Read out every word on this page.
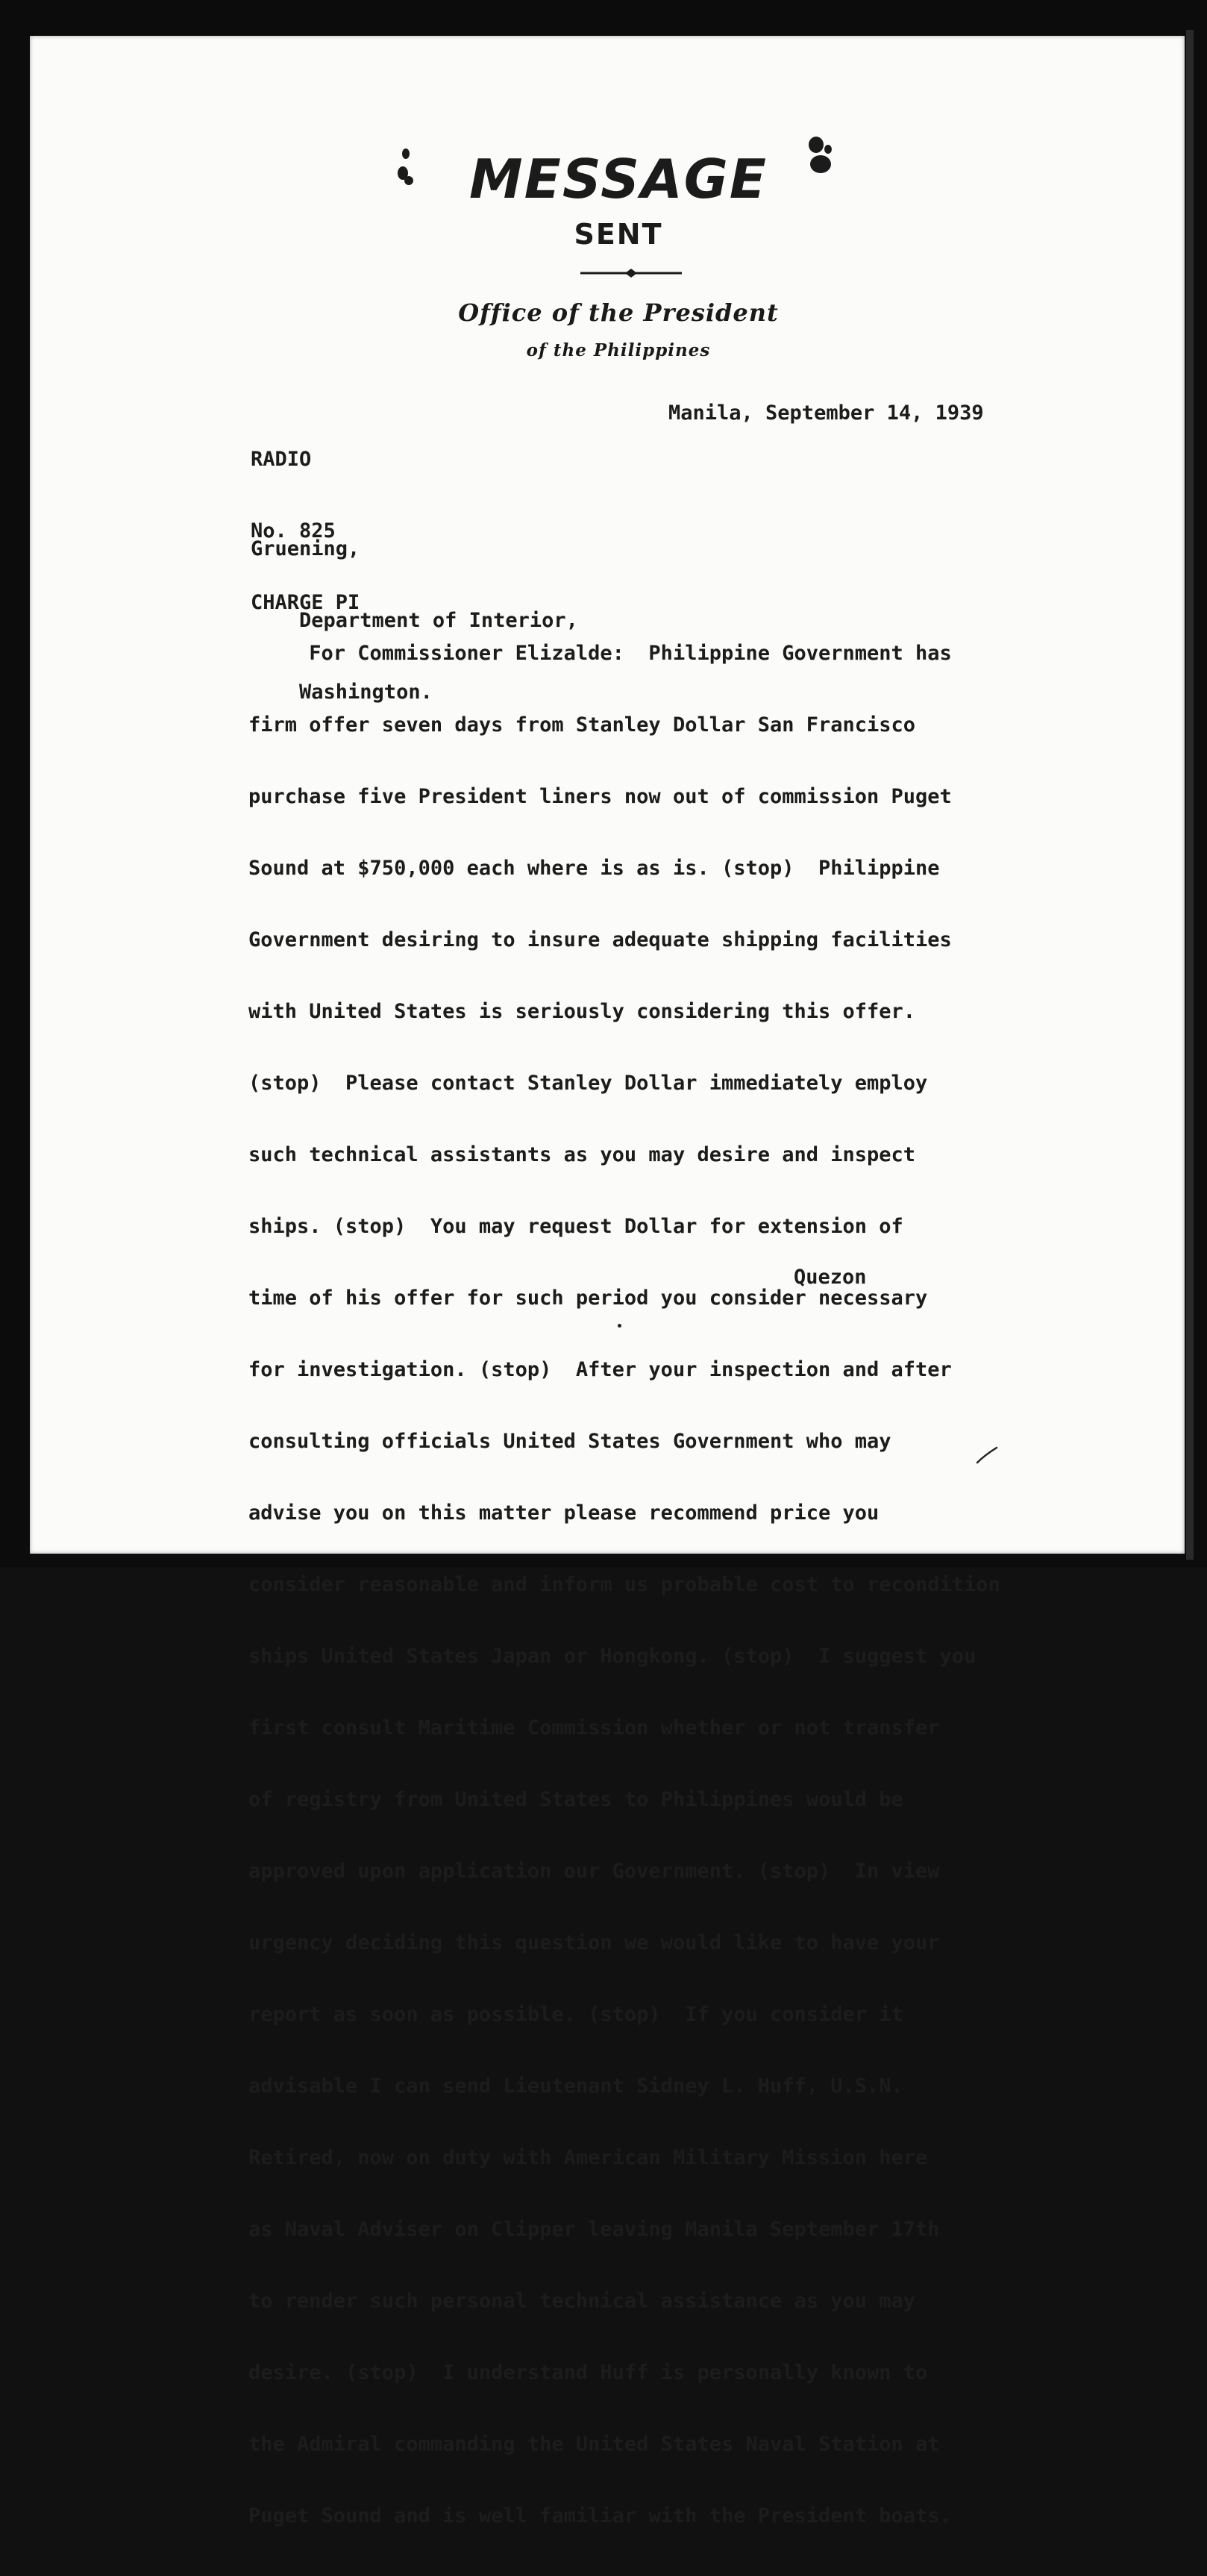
MESSAGE
SENT
Office of the President
of the Philippines

RADIO

No. 825

CHARGE PI

Manila, September 14, 1939

Gruening,

Department of Interior,

Washington.

For Commissioner Elizalde:  Philippine Government has

firm offer seven days from Stanley Dollar San Francisco

purchase five President liners now out of commission Puget

Sound at $750,000 each where is as is. (stop)  Philippine

Government desiring to insure adequate shipping facilities

with United States is seriously considering this offer.

(stop)  Please contact Stanley Dollar immediately employ

such technical assistants as you may desire and inspect

ships. (stop)  You may request Dollar for extension of

time of his offer for such period you consider necessary

for investigation. (stop)  After your inspection and after

consulting officials United States Government who may

advise you on this matter please recommend price you

consider reasonable and inform us probable cost to recondition

ships United States Japan or Hongkong. (stop)  I suggest you

first consult Maritime Commission whether or not transfer

of registry from United States to Philippines would be

approved upon application our Government. (stop)  In view

urgency deciding this question we would like to have your

report as soon as possible. (stop)  If you consider it

advisable I can send Lieutenant Sidney L. Huff, U.S.N.

Retired, now on duty with American Military Mission here

as Naval Adviser on Clipper leaving Manila September 17th

to render such personal technical assistance as you may

desire. (stop)  I understand Huff is personally known to

the Admiral commanding the United States Naval Station at

Puget Sound and is well familiar with the President boats.

Quezon
